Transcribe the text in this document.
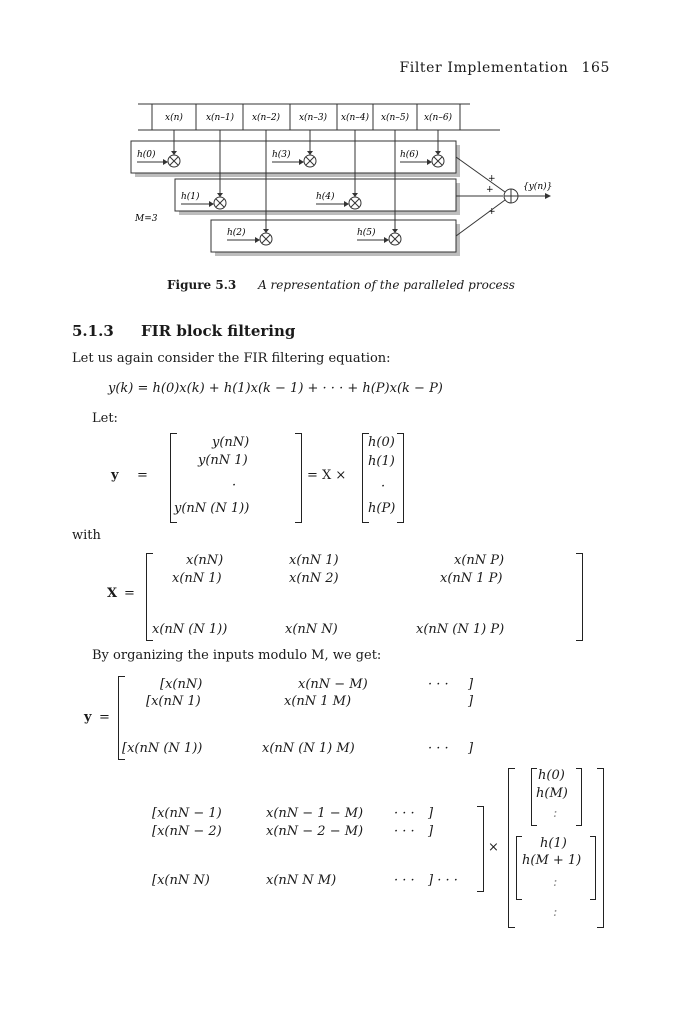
Filter Implementation 165
x(n)	x(n–1) x(n–2) x(n–3) x(n–4) x(n–5) x(n–6)
h(0)	h(3)	h(6)
h(1)	h(4)
h(2)	h(5)
M=3
{y(n)}
+
+
+
Figure 5.3 A representation of the paralleled process
5.1.3 FIR block filtering
Let us again consider the FIR filtering equation:
y(k) = h(0)x(k) + h(1)x(k − 1) + · · · + h(P)x(k − P)
Let:
y =
y(nN)
y(nN 1)
·
y(nN (N 1))
= X ×
h(0)
h(1)
·
h(P)
with
X =
x(nN)	x(nN 1)	x(nN P)
x(nN 1)	x(nN 2)	x(nN 1 P)
x(nN (N 1))	x(nN N)	x(nN (N 1) P)
By organizing the inputs modulo M, we get:
y =
[x(nN)	x(nN − M)	· · · ]
[x(nN 1)	x(nN 1 M)	]
[x(nN (N 1))	x(nN (N 1) M)	· · · ]
[x(nN − 1)	x(nN − 1 − M) · · · ]
[x(nN − 2)	x(nN − 2 − M) · · · ]
[x(nN N)	x(nN N M)	· · · ] · · ·
×
h(0)
h(M)
:
h(1)
h(M + 1)
:
:
